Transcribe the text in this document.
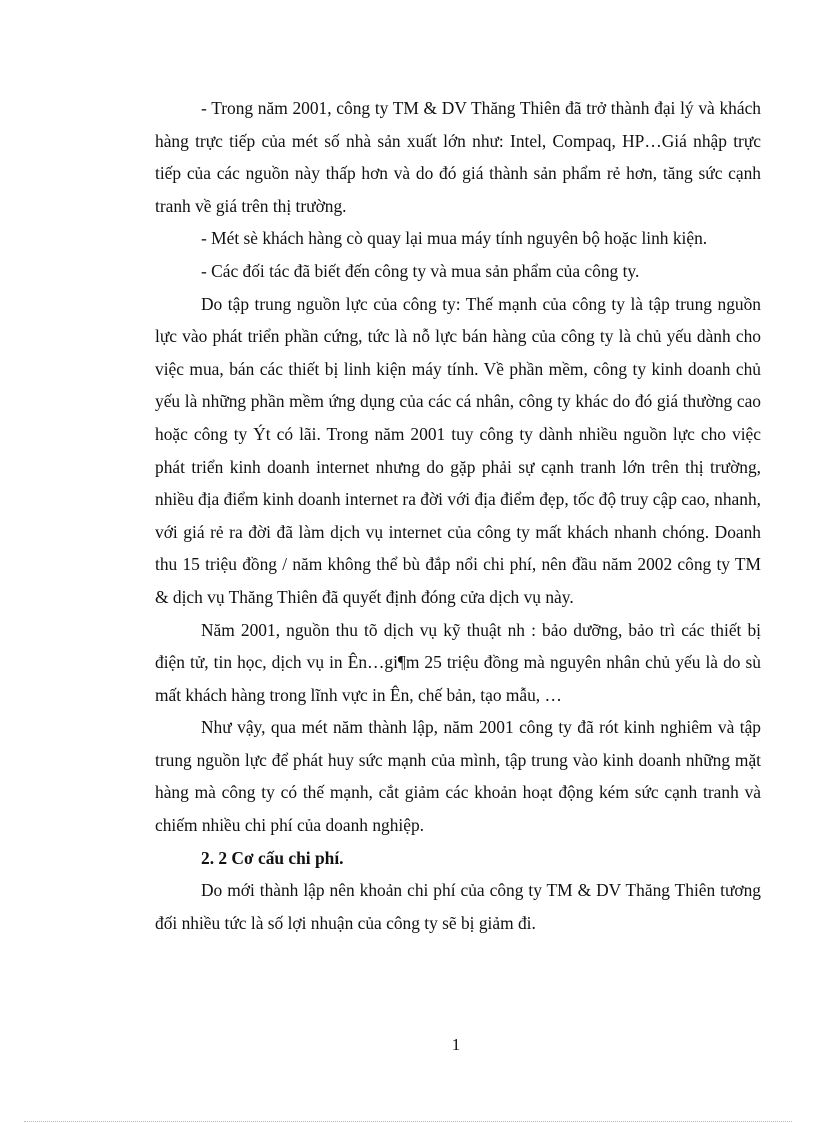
- Trong năm 2001, công ty TM & DV Thăng Thiên đã trở thành đại lý và khách hàng trực tiếp của mét số nhà sản xuất lớn như: Intel, Compaq, HP…Giá nhập trực tiếp của các nguồn này thấp hơn và do đó giá thành sản phẩm rẻ hơn, tăng sức cạnh tranh về giá trên thị trường.

- Mét sè khách hàng cò quay lại mua máy tính nguyên bộ hoặc linh kiện.

- Các đối tác đã biết đến công ty và mua sản phẩm của công ty.

Do tập trung nguồn lực của công ty: Thế mạnh của công ty là tập trung nguồn lực vào phát triển phần cứng, tức là nỗ lực bán hàng của công ty là chủ yếu dành cho việc mua, bán các thiết bị linh kiện máy tính. Về phần mềm, công ty kinh doanh chủ yếu là những phần mềm ứng dụng của các cá nhân, công ty khác do đó giá thường cao hoặc công ty Ýt có lãi. Trong năm 2001 tuy công ty dành nhiều nguồn lực cho việc phát triển kinh doanh internet nhưng do gặp phải sự cạnh tranh lớn trên thị trường, nhiều địa điểm kinh doanh internet ra đời với địa điểm đẹp, tốc độ truy cập cao, nhanh, với giá rẻ ra đời đã làm dịch vụ internet của công ty mất khách nhanh chóng. Doanh thu 15 triệu đồng / năm không thể bù đắp nổi chi phí, nên đầu năm 2002 công ty TM & dịch vụ Thăng Thiên đã quyết định đóng cửa dịch vụ này.

Năm 2001, nguồn thu tõ dịch vụ kỹ thuật nh : bảo dưỡng, bảo trì các thiết bị điện tử, tin học, dịch vụ in Ên…gi¶m 25 triệu đồng mà nguyên nhân chủ yếu là do sù mất khách hàng trong lĩnh vực in Ên, chế bản, tạo mẫu, …

Như vậy, qua mét năm thành lập, năm 2001 công ty đã rót kinh nghiêm và tập trung nguồn lực để phát huy sức mạnh của mình, tập trung vào kinh doanh những mặt hàng mà công ty có thế mạnh, cắt giảm các khoản hoạt động kém sức cạnh tranh và chiếm nhiều chi phí của doanh nghiệp.

2. 2 Cơ cấu chi phí.

Do mới thành lập nên khoản chi phí của công ty TM & DV Thăng Thiên tương đối nhiều tức là số lợi nhuận của công ty sẽ bị giảm đi.

1
